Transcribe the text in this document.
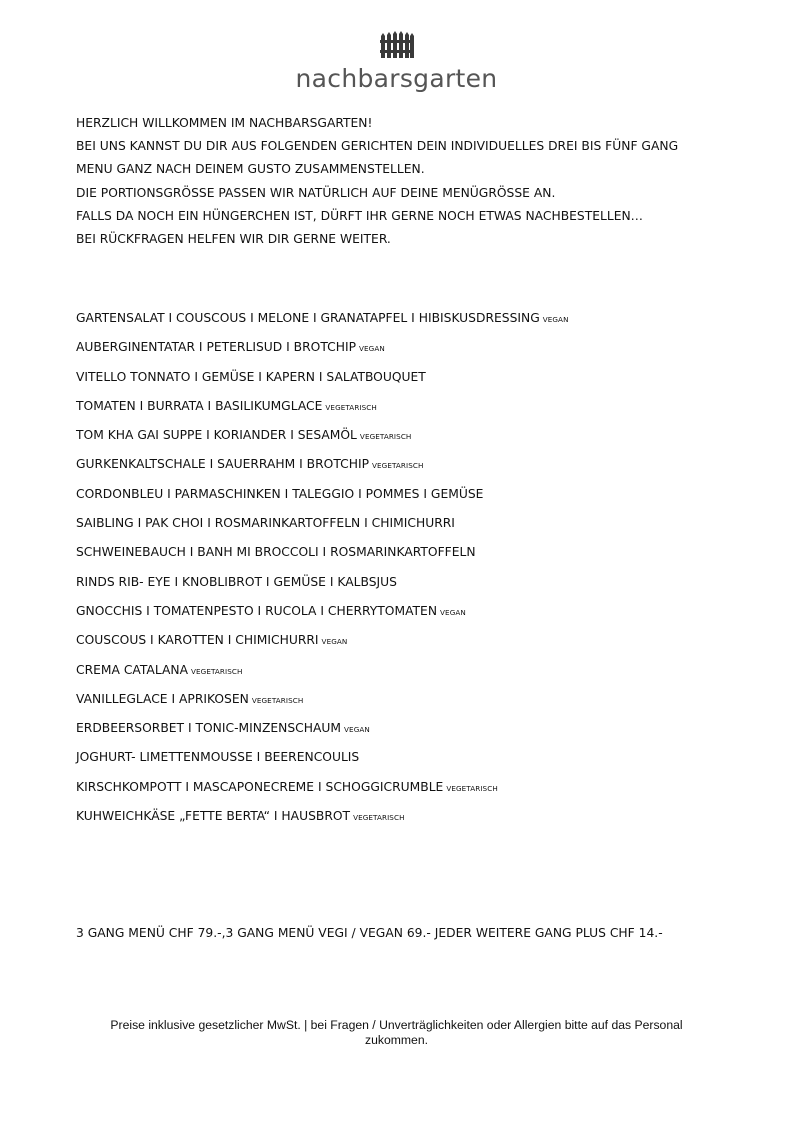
nachbarsgarten
HERZLICH WILLKOMMEN IM NACHBARSGARTEN!
BEI UNS KANNST DU DIR AUS FOLGENDEN GERICHTEN DEIN INDIVIDUELLES DREI BIS FÜNF GANG
MENU GANZ NACH DEINEM GUSTO ZUSAMMENSTELLEN.
DIE PORTIONSGRÖSSE PASSEN WIR NATÜRLICH AUF DEINE MENÜGRÖSSE AN.
FALLS DA NOCH EIN HÜNGERCHEN IST, DÜRFT IHR GERNE NOCH ETWAS NACHBESTELLEN…
BEI RÜCKFRAGEN HELFEN WIR DIR GERNE WEITER.
GARTENSALAT I COUSCOUS I MELONE I GRANATAPFEL I HIBISKUSDRESSING VEGAN
AUBERGINENTATAR I PETERLISUD I BROTCHIP VEGAN
VITELLO TONNATO I GEMÜSE I KAPERN I SALATBOUQUET
TOMATEN I BURRATA I BASILIKUMGLACE VEGETARISCH
TOM KHA GAI SUPPE I KORIANDER I SESAMÖL VEGETARISCH
GURKENKALTSCHALE I SAUERRAHM I BROTCHIP VEGETARISCH
CORDONBLEU I PARMASCHINKEN I TALEGGIO I POMMES I GEMÜSE
SAIBLING I PAK CHOI I ROSMARINKARTOFFELN I CHIMICHURRI
SCHWEINEBAUCH I BANH MI BROCCOLI I ROSMARINKARTOFFELN
RINDS RIB- EYE I KNOBLIBROT I GEMÜSE I KALBSJUS
GNOCCHIS I TOMATENPESTO I RUCOLA I CHERRYTOMATEN VEGAN
COUSCOUS I KAROTTEN I CHIMICHURRI VEGAN
CREMA CATALANA VEGETARISCH
VANILLEGLACE I APRIKOSEN VEGETARISCH
ERDBEERSORBET I TONIC-MINZENSCHAUM VEGAN
JOGHURT- LIMETTENMOUSSE I BEERENCOULIS
KIRSCHKOMPOTT I MASCAPONECREME I SCHOGGICRUMBLE VEGETARISCH
KUHWEICHKÄSE „FETTE BERTA“ I HAUSBROT VEGETARISCH
3 GANG MENÜ CHF 79.-,3 GANG MENÜ VEGI / VEGAN 69.- JEDER WEITERE GANG PLUS CHF 14.-
Preise inklusive gesetzlicher MwSt. | bei Fragen / Unverträglichkeiten oder Allergien bitte auf das Personal
zukommen.
